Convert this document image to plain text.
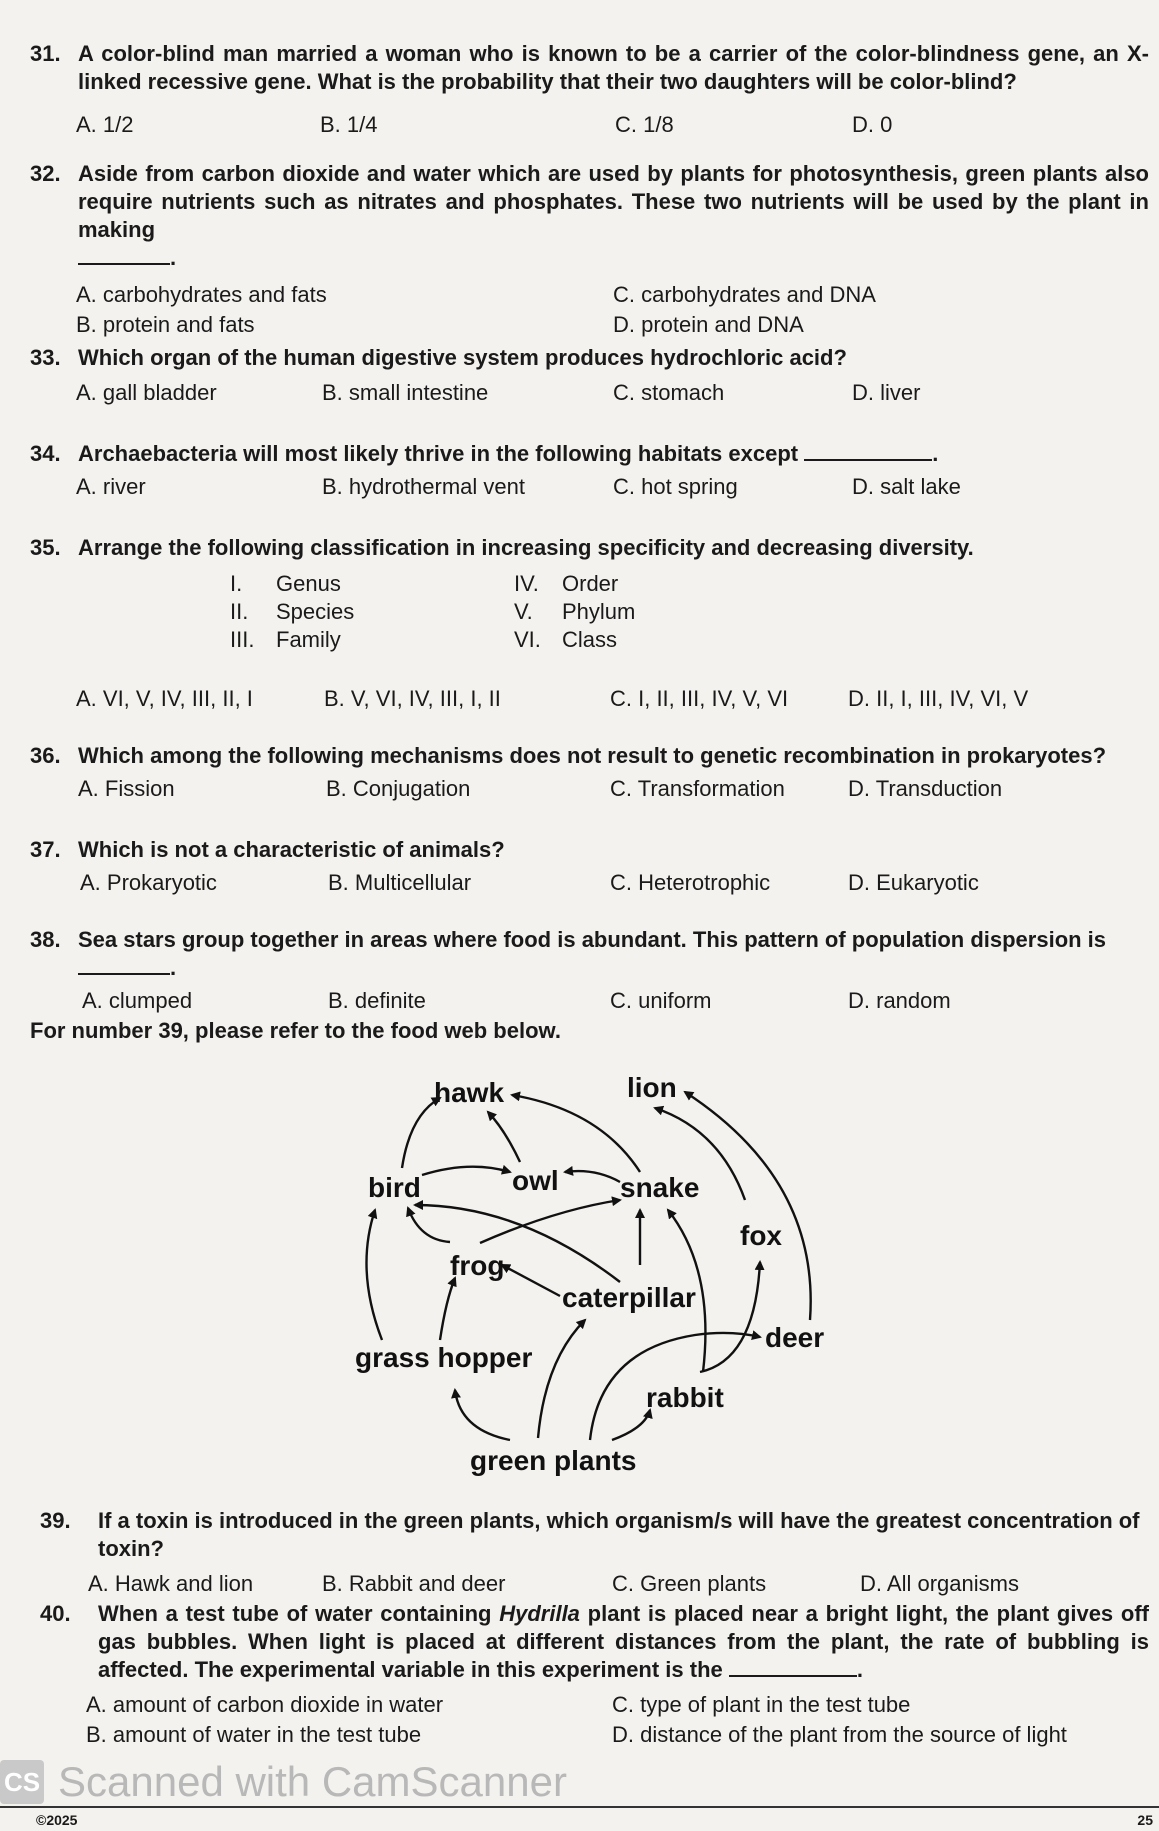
31. A color-blind man married a woman who is known to be a carrier of the color-blindness gene, an X-linked recessive gene. What is the probability that their two daughters will be color-blind?
A. 1/2	B. 1/4	C. 1/8	D. 0
32. Aside from carbon dioxide and water which are used by plants for photosynthesis, green plants also require nutrients such as nitrates and phosphates. These two nutrients will be used by the plant in making
.
A. carbohydrates and fats	C. carbohydrates and DNA
B. protein and fats	D. protein and DNA
33. Which organ of the human digestive system produces hydrochloric acid?
A. gall bladder	B. small intestine	C. stomach	D. liver
34. Archaebacteria will most likely thrive in the following habitats except	.
A. river	B. hydrothermal vent	C. hot spring	D. salt lake
35. Arrange the following classification in increasing specificity and decreasing diversity.
I. Genus
II. Species
III. Family
IV. Order
V. Phylum
VI. Class
A. VI, V, IV, III, II, I	B. V, VI, IV, III, I, II	C. I, II, III, IV, V, VI	D. II, I, III, IV, VI, V
36. Which among the following mechanisms does not result to genetic recombination in prokaryotes?
A. Fission	B. Conjugation	C. Transformation	D. Transduction
37. Which is not a characteristic of animals?
A. Prokaryotic	B. Multicellular	C. Heterotrophic	D. Eukaryotic
38. Sea stars group together in areas where food is abundant. This pattern of population dispersion is .
A. clumped	B. definite	C. uniform	D. random
For number 39, please refer to the food web below.
hawk	lion
bird	owl snake
fox
frog
caterpillar
deer
grass hopper
rabbit
green plants
39.	If a toxin is introduced in the green plants, which organism/s will have the greatest concentration of toxin?
A. Hawk and lion	B. Rabbit and deer	C. Green plants	D. All organisms
40.	When a test tube of water containing Hydrilla plant is placed near a bright light, the plant gives off gas bubbles. When light is placed at different distances from the plant, the rate of bubbling is affected. The experimental variable in this experiment is the	.
A. amount of carbon dioxide in water	C. type of plant in the test tube
B. amount of water in the test tube	D. distance of the plant from the source of light
CS Scanned with CamScanner
©2025	25
